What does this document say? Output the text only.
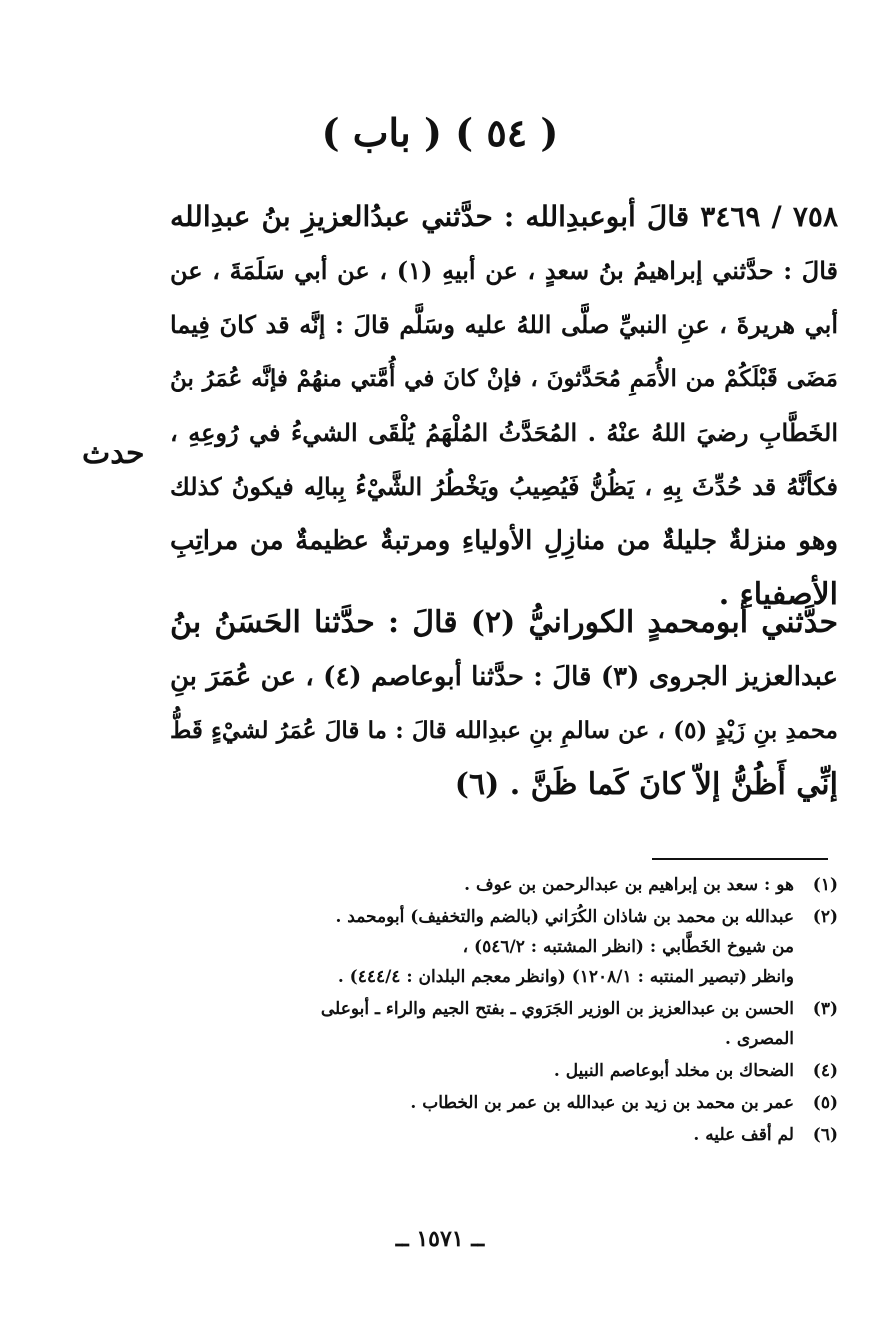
( ٥٤ ) ( باب )
٧٥٨ / ٣٤٦٩ قالَ أبوعبدِالله : حدَّثني عبدُالعزيزِ بنُ عبدِالله
قالَ : حدَّثني إبراهيمُ بنُ سعدٍ ، عن أبيهِ (١) ، عن أبي سَلَمَةَ ، عن
أبي هريرةَ ، عنِ النبيِّ صلَّى اللهُ عليه وسَلَّم قالَ : إنَّه قد كانَ فِيما
مَضَى قَبْلَكُمْ من الأُمَمِ مُحَدَّثونَ ، فإنْ كانَ في أُمَّتي منهُمْ فإنَّه عُمَرُ بنُ
الخَطَّابِ رضيَ اللهُ عنْهُ . المُحَدَّثُ المُلْهَمُ يُلْقَى الشيءُ في رُوعِهِ ،
فكأنَّهُ قد حُدِّثَ بِهِ ، يَظُنُّ فَيُصِيبُ ويَخْطُرُ الشَّيْءُ بِبالِه فيكونُ كذلك
وهو منزلةٌ جليلةٌ من منازِلِ الأولياءِ ومرتبةٌ عظيمةٌ من مراتِبِ
الأصفياءِ .
حدث
حدَّثني أبومحمدٍ الكورانيُّ (٢) قالَ : حدَّثنا الحَسَنُ بنُ
عبدالعزيز الجروى (٣) قالَ : حدَّثنا أبوعاصم (٤) ، عن عُمَرَ بنِ
محمدِ بنِ زَيْدٍ (٥) ، عن سالمِ بنِ عبدِالله قالَ : ما قالَ عُمَرُ لشيْءٍ قَطُّ
إنِّي أَظُنُّ إلاّ كانَ كَما ظَنَّ . (٦)
(١)
هو : سعد بن إبراهيم بن عبدالرحمن بن عوف .
(٢)
عبدالله بن محمد بن شاذان الكُرَاني (بالضم والتخفيف) أبومحمد .
من شيوخ الخَطَّابي : (انظر المشتبه : ٥٤٦/٢) ،
وانظر (تبصير المنتبه : ١٢٠٨/١) (وانظر معجم البلدان : ٤٤٤/٤) .
(٣)
الحسن بن عبدالعزيز بن الوزير الجَرَوي ـ بفتح الجيم والراء ـ أبوعلى
المصرى .
(٤)
الضحاك بن مخلد أبوعاصم النبيل .
(٥)
عمر بن محمد بن زيد بن عبدالله بن عمر بن الخطاب .
(٦)
لم أقف عليه .
ــ ١٥٧١ ــ
